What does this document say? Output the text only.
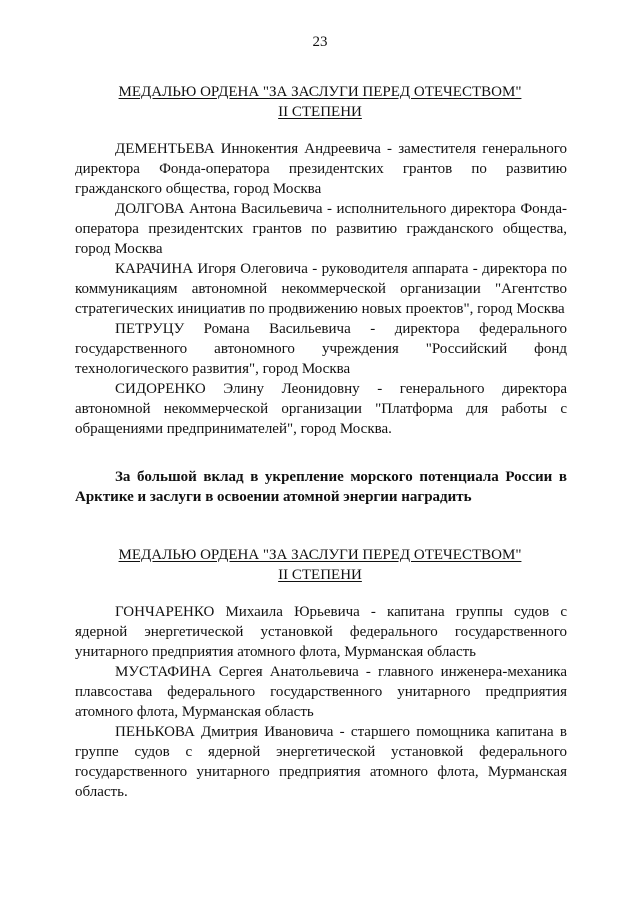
23
МЕДАЛЬЮ ОРДЕНА "ЗА ЗАСЛУГИ ПЕРЕД ОТЕЧЕСТВОМ"
II СТЕПЕНИ

ДЕМЕНТЬЕВА Иннокентия Андреевича - заместителя генерального директора Фонда-оператора президентских грантов по развитию гражданского общества, город Москва

ДОЛГОВА Антона Васильевича - исполнительного директора Фонда-оператора президентских грантов по развитию гражданского общества, город Москва

КАРАЧИНА Игоря Олеговича - руководителя аппарата - директора по коммуникациям автономной некоммерческой организации "Агентство стратегических инициатив по продвижению новых проектов", город Москва

ПЕТРУЦУ Романа Васильевича - директора федерального государственного автономного учреждения "Российский фонд технологического развития", город Москва

СИДОРЕНКО Элину Леонидовну - генерального директора автономной некоммерческой организации "Платформа для работы с обращениями предпринимателей", город Москва.

За большой вклад в укрепление морского потенциала России в Арктике и заслуги в освоении атомной энергии наградить

МЕДАЛЬЮ ОРДЕНА "ЗА ЗАСЛУГИ ПЕРЕД ОТЕЧЕСТВОМ"
II СТЕПЕНИ

ГОНЧАРЕНКО Михаила Юрьевича - капитана группы судов с ядерной энергетической установкой федерального государственного унитарного предприятия атомного флота, Мурманская область

МУСТАФИНА Сергея Анатольевича - главного инженера-механика плавсостава федерального государственного унитарного предприятия атомного флота, Мурманская область

ПЕНЬКОВА Дмитрия Ивановича - старшего помощника капитана в группе судов с ядерной энергетической установкой федерального государственного унитарного предприятия атомного флота, Мурманская область.
